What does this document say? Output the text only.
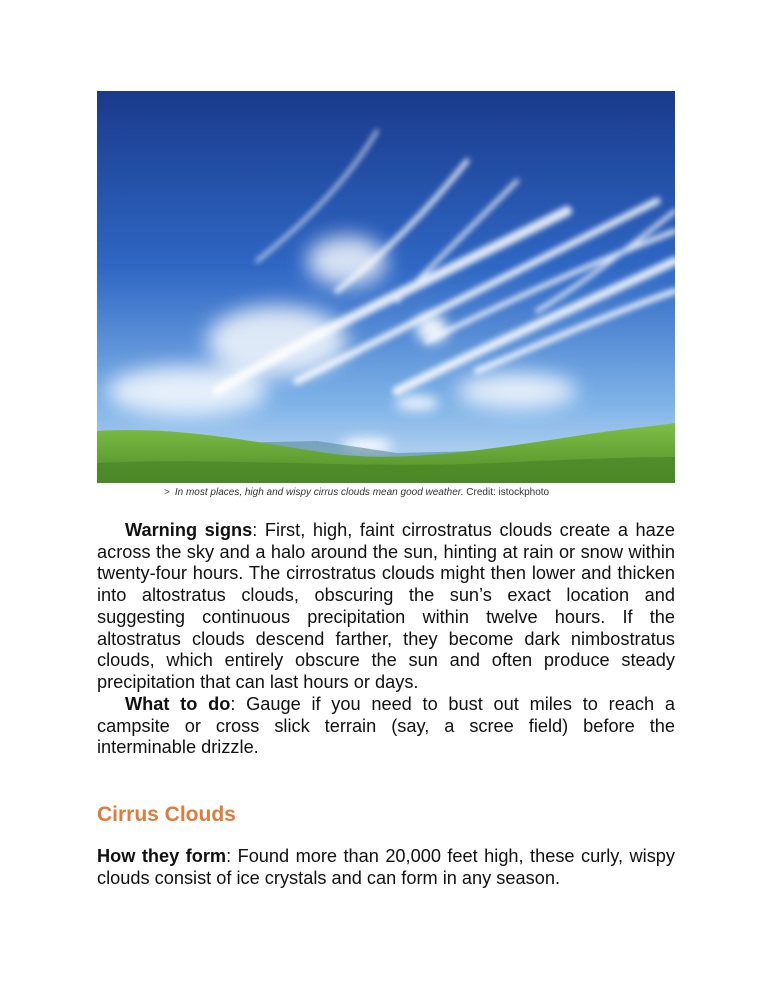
> In most places, high and wispy cirrus clouds mean good weather. Credit: istockphoto

Warning signs: First, high, faint cirrostratus clouds create a haze across the sky and a halo around the sun, hinting at rain or snow within twenty-four hours. The cirrostratus clouds might then lower and thicken into altostratus clouds, obscuring the sun’s exact location and suggesting continuous precipitation within twelve hours. If the altostratus clouds descend farther, they become dark nimbostratus clouds, which entirely obscure the sun and often produce steady precipitation that can last hours or days.

What to do: Gauge if you need to bust out miles to reach a campsite or cross slick terrain (say, a scree field) before the interminable drizzle.

Cirrus Clouds

How they form: Found more than 20,000 feet high, these curly, wispy clouds consist of ice crystals and can form in any season.
